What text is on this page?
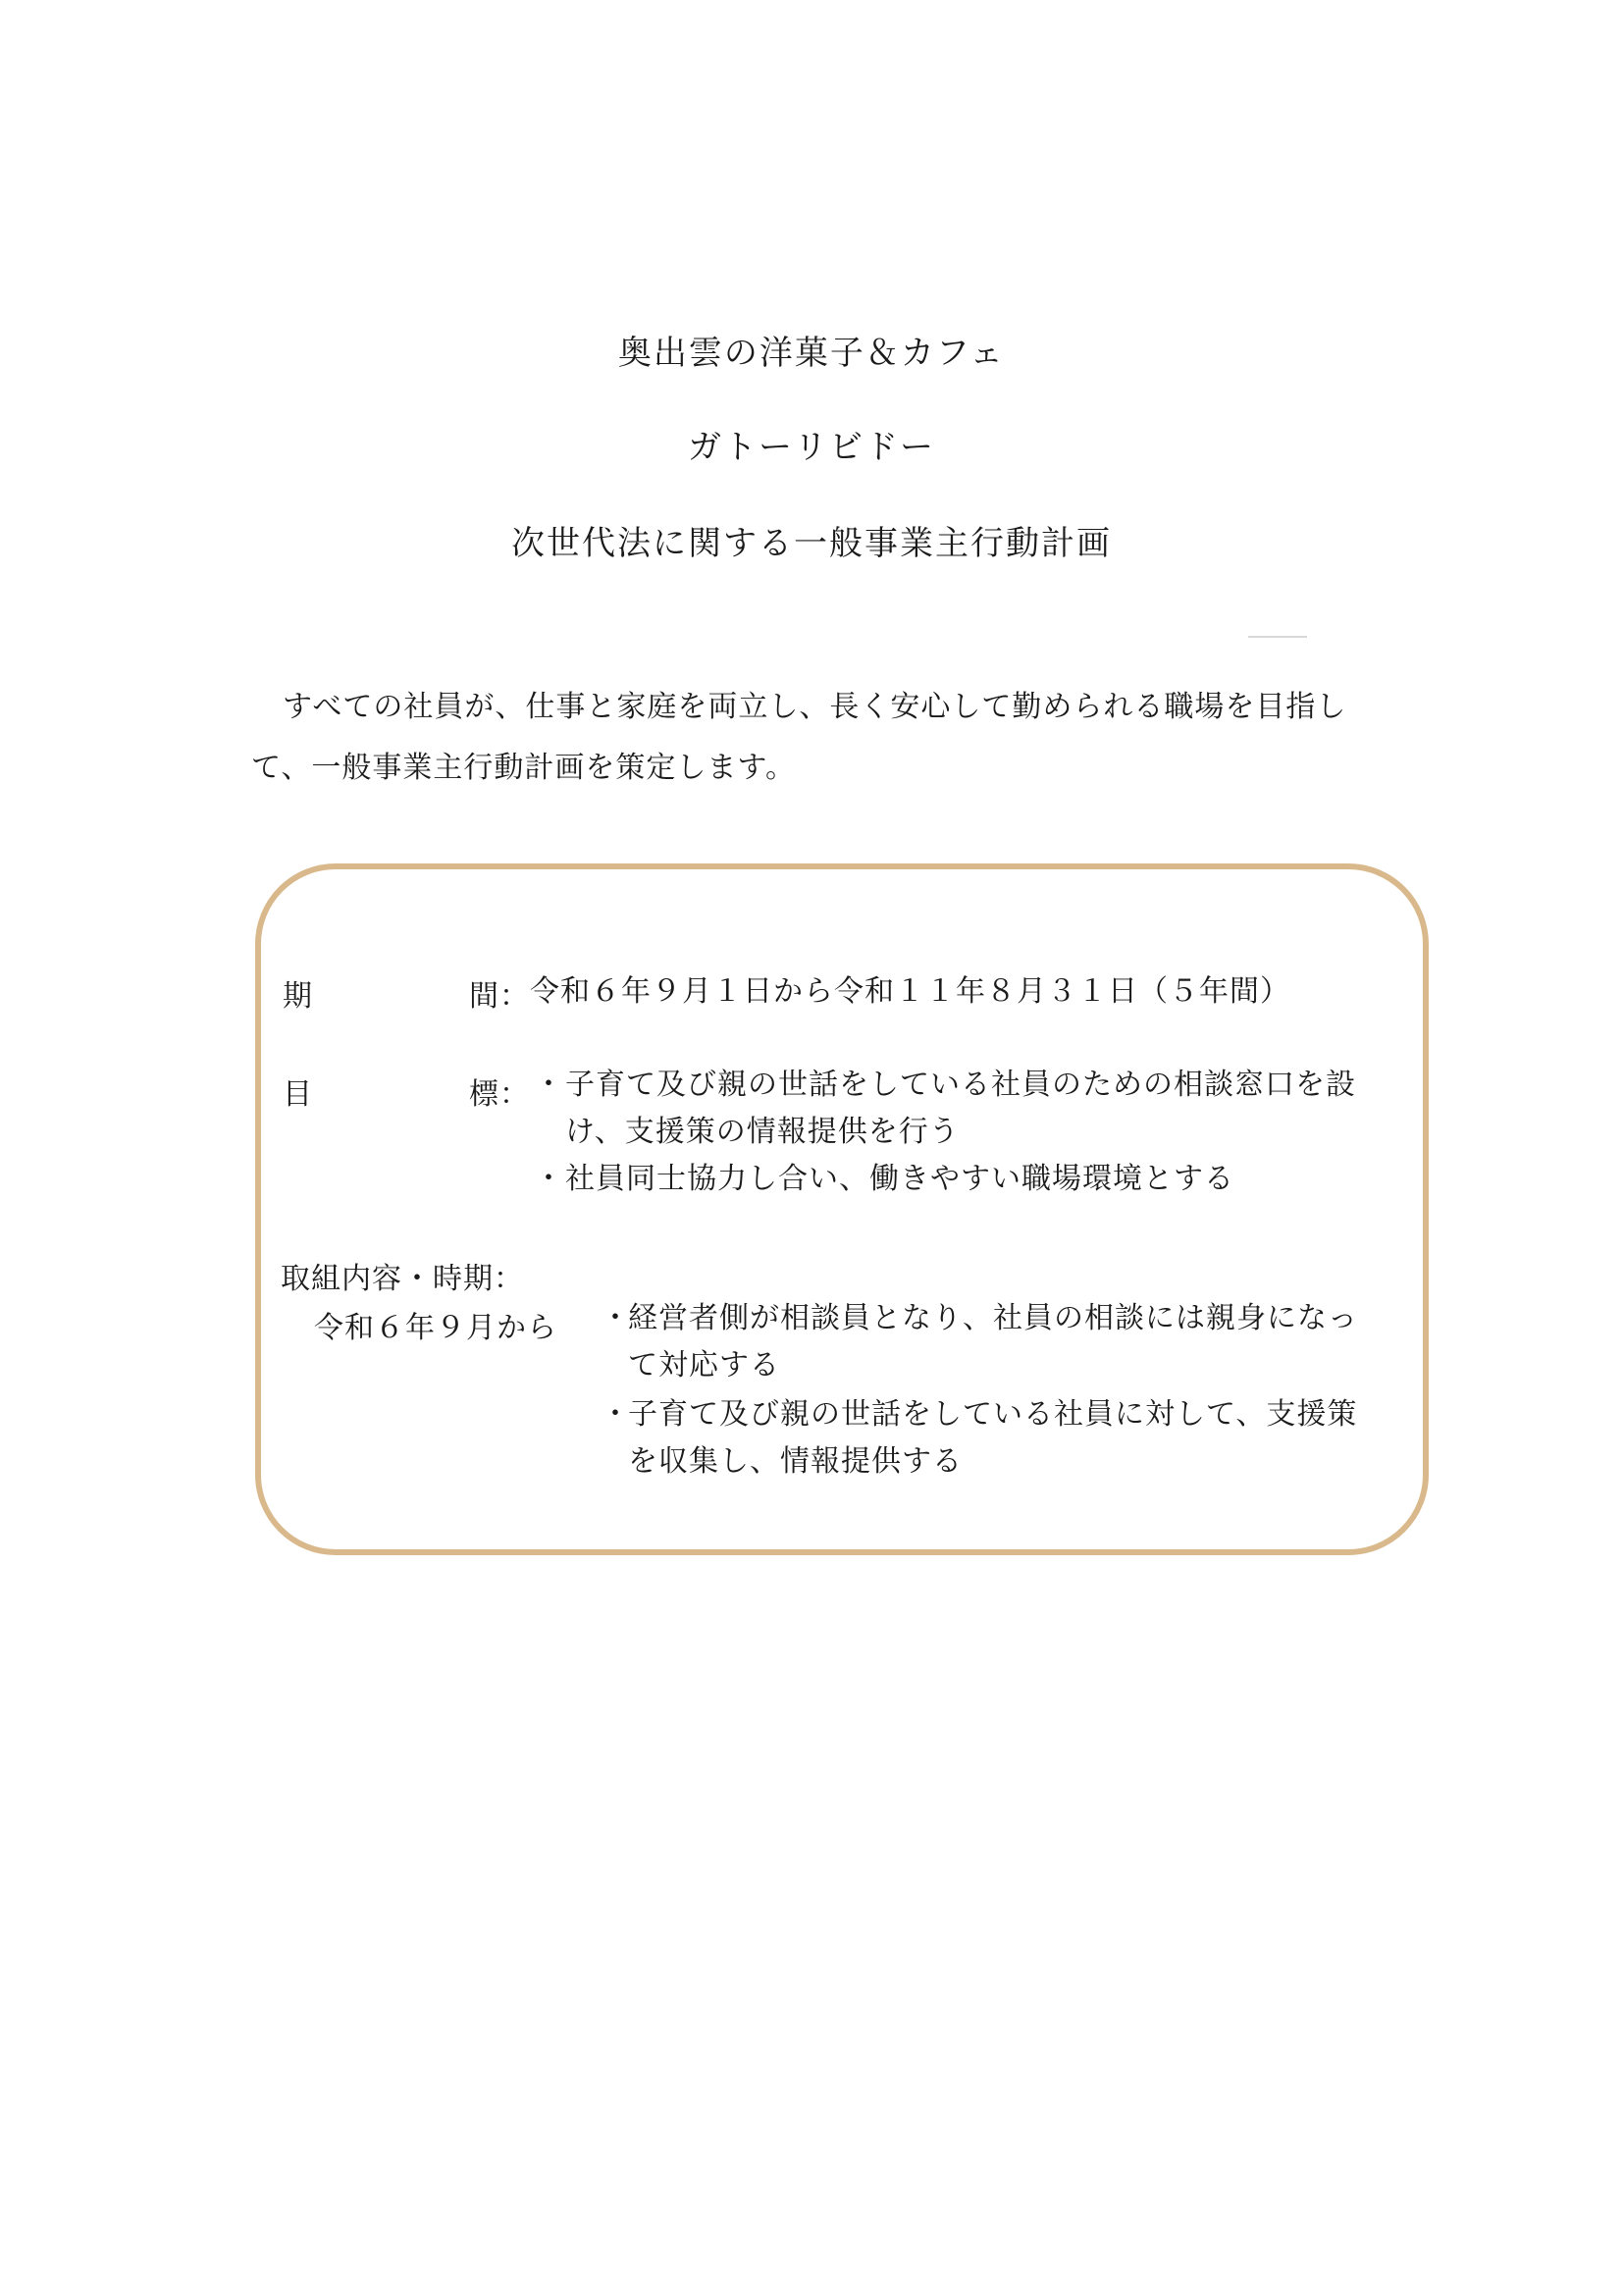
奥出雲の洋菓子＆カフェ
ガトーリビドー
次世代法に関する一般事業主行動計画
すべての社員が、仕事と家庭を両立し、長く安心して勤められる職場を目指し
て、一般事業主行動計画を策定します。
期	間： 令和６年９月１日から令和１１年８月３１日（５年間）
目	標： ・ 子育て及び親の世話をしている社員のための相談窓口を設け、支援策の情報提供を行う
・ 社員同士協力し合い、働きやすい職場環境とする
取組内容・時期：
令和６年９月から ・
経営者側が相談員となり、社員の相談には親身になって対応する
・
子育て及び親の世話をしている社員に対して、支援策を収集し、情報提供する
